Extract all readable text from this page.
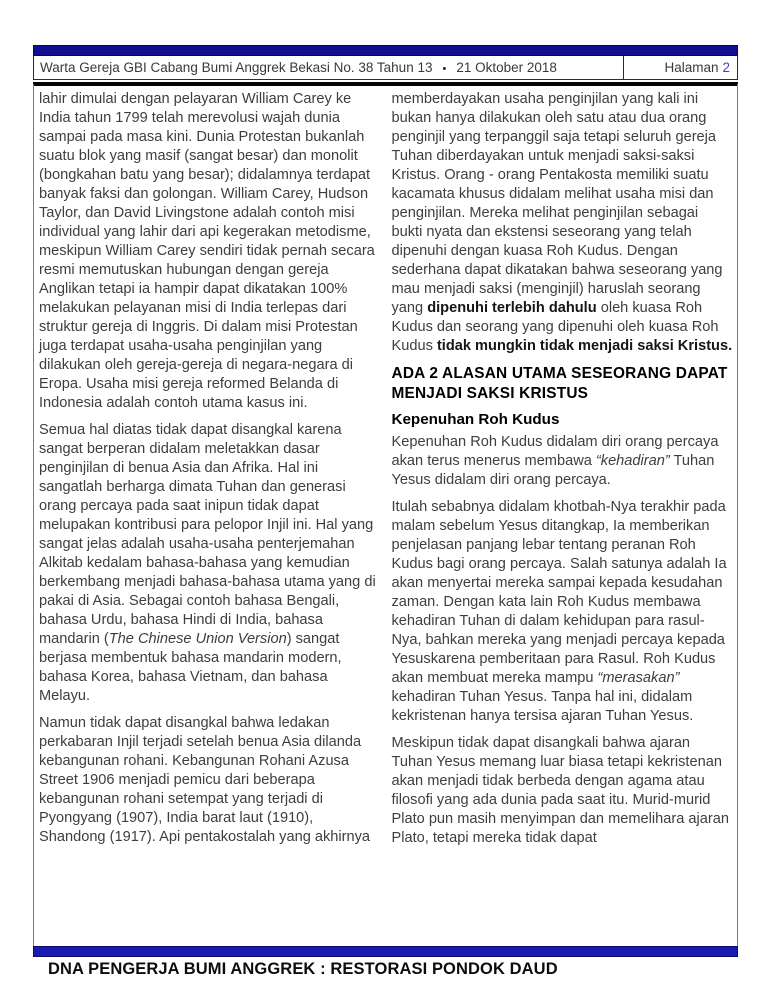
Warta Gereja GBI Cabang Bumi Anggrek Bekasi No. 38 Tahun 13 • 21 Oktober 2018	Halaman 2

lahir dimulai dengan pelayaran William Carey ke India tahun 1799 telah merevolusi wajah dunia sampai pada masa kini. Dunia Protestan bukanlah suatu blok yang masif (sangat besar) dan monolit (bongkahan batu yang besar); didalamnya terdapat banyak faksi dan golongan. William Carey, Hudson Taylor, dan David Livingstone adalah contoh misi individual yang lahir dari api kegerakan metodisme, meskipun William Carey sendiri tidak pernah secara resmi memutuskan hubungan dengan gereja Anglikan tetapi ia hampir dapat dikatakan 100% melakukan pelayanan misi di India terlepas dari struktur gereja di Inggris. Di dalam misi Protestan juga terdapat usaha-usaha penginjilan yang dilakukan oleh gereja-gereja di negara-negara di Eropa. Usaha misi gereja reformed Belanda di Indonesia adalah contoh utama kasus ini.

Semua hal diatas tidak dapat disangkal karena sangat berperan didalam meletakkan dasar penginjilan di benua Asia dan Afrika. Hal ini sangatlah berharga dimata Tuhan dan generasi orang percaya pada saat inipun tidak dapat melupakan kontribusi para pelopor Injil ini. Hal yang sangat jelas adalah usaha-usaha penterjemahan Alkitab kedalam bahasa-bahasa yang kemudian berkembang menjadi bahasa-bahasa utama yang di pakai di Asia. Sebagai contoh bahasa Bengali, bahasa Urdu, bahasa Hindi di India, bahasa mandarin (The Chinese Union Version) sangat berjasa membentuk bahasa mandarin modern, bahasa Korea, bahasa Vietnam, dan bahasa Melayu.

Namun tidak dapat disangkal bahwa ledakan perkabaran Injil terjadi setelah benua Asia dilanda kebangunan rohani. Kebangunan Rohani Azusa Street 1906 menjadi pemicu dari beberapa kebangunan rohani setempat yang terjadi di Pyongyang (1907), India barat laut (1910), Shandong (1917). Api pentakostalah yang akhirnya

memberdayakan usaha penginjilan yang kali ini bukan hanya dilakukan oleh satu atau dua orang penginjil yang terpanggil saja tetapi seluruh gereja Tuhan diberdayakan untuk menjadi saksi-saksi Kristus. Orang - orang Pentakosta memiliki suatu kacamata khusus didalam melihat usaha misi dan penginjilan. Mereka melihat penginjilan sebagai bukti nyata dan ekstensi seseorang yang telah dipenuhi dengan kuasa Roh Kudus. Dengan sederhana dapat dikatakan bahwa seseorang yang mau menjadi saksi (menginjil) haruslah seorang yang dipenuhi terlebih dahulu oleh kuasa Roh Kudus dan seorang yang dipenuhi oleh kuasa Roh Kudus tidak mungkin tidak menjadi saksi Kristus.

ADA 2 ALASAN UTAMA SESEORANG DAPAT MENJADI SAKSI KRISTUS

Kepenuhan Roh Kudus

Kepenuhan Roh Kudus didalam diri orang percaya akan terus menerus membawa “kehadiran” Tuhan Yesus didalam diri orang percaya.

Itulah sebabnya didalam khotbah-Nya terakhir pada malam sebelum Yesus ditangkap, Ia memberikan penjelasan panjang lebar tentang peranan Roh Kudus bagi orang percaya. Salah satunya adalah Ia akan menyertai mereka sampai kepada kesudahan zaman. Dengan kata lain Roh Kudus membawa kehadiran Tuhan di dalam kehidupan para rasul-Nya, bahkan mereka yang menjadi percaya kepada Yesuskarena pemberitaan para Rasul. Roh Kudus akan membuat mereka mampu “merasakan” kehadiran Tuhan Yesus. Tanpa hal ini, didalam kekristenan hanya tersisa ajaran Tuhan Yesus.

Meskipun tidak dapat disangkali bahwa ajaran Tuhan Yesus memang luar biasa tetapi kekristenan akan menjadi tidak berbeda dengan agama atau filosofi yang ada dunia pada saat itu. Murid-murid Plato pun masih menyimpan dan memelihara ajaran Plato, tetapi mereka tidak dapat

DNA PENGERJA BUMI ANGGREK : RESTORASI PONDOK DAUD
